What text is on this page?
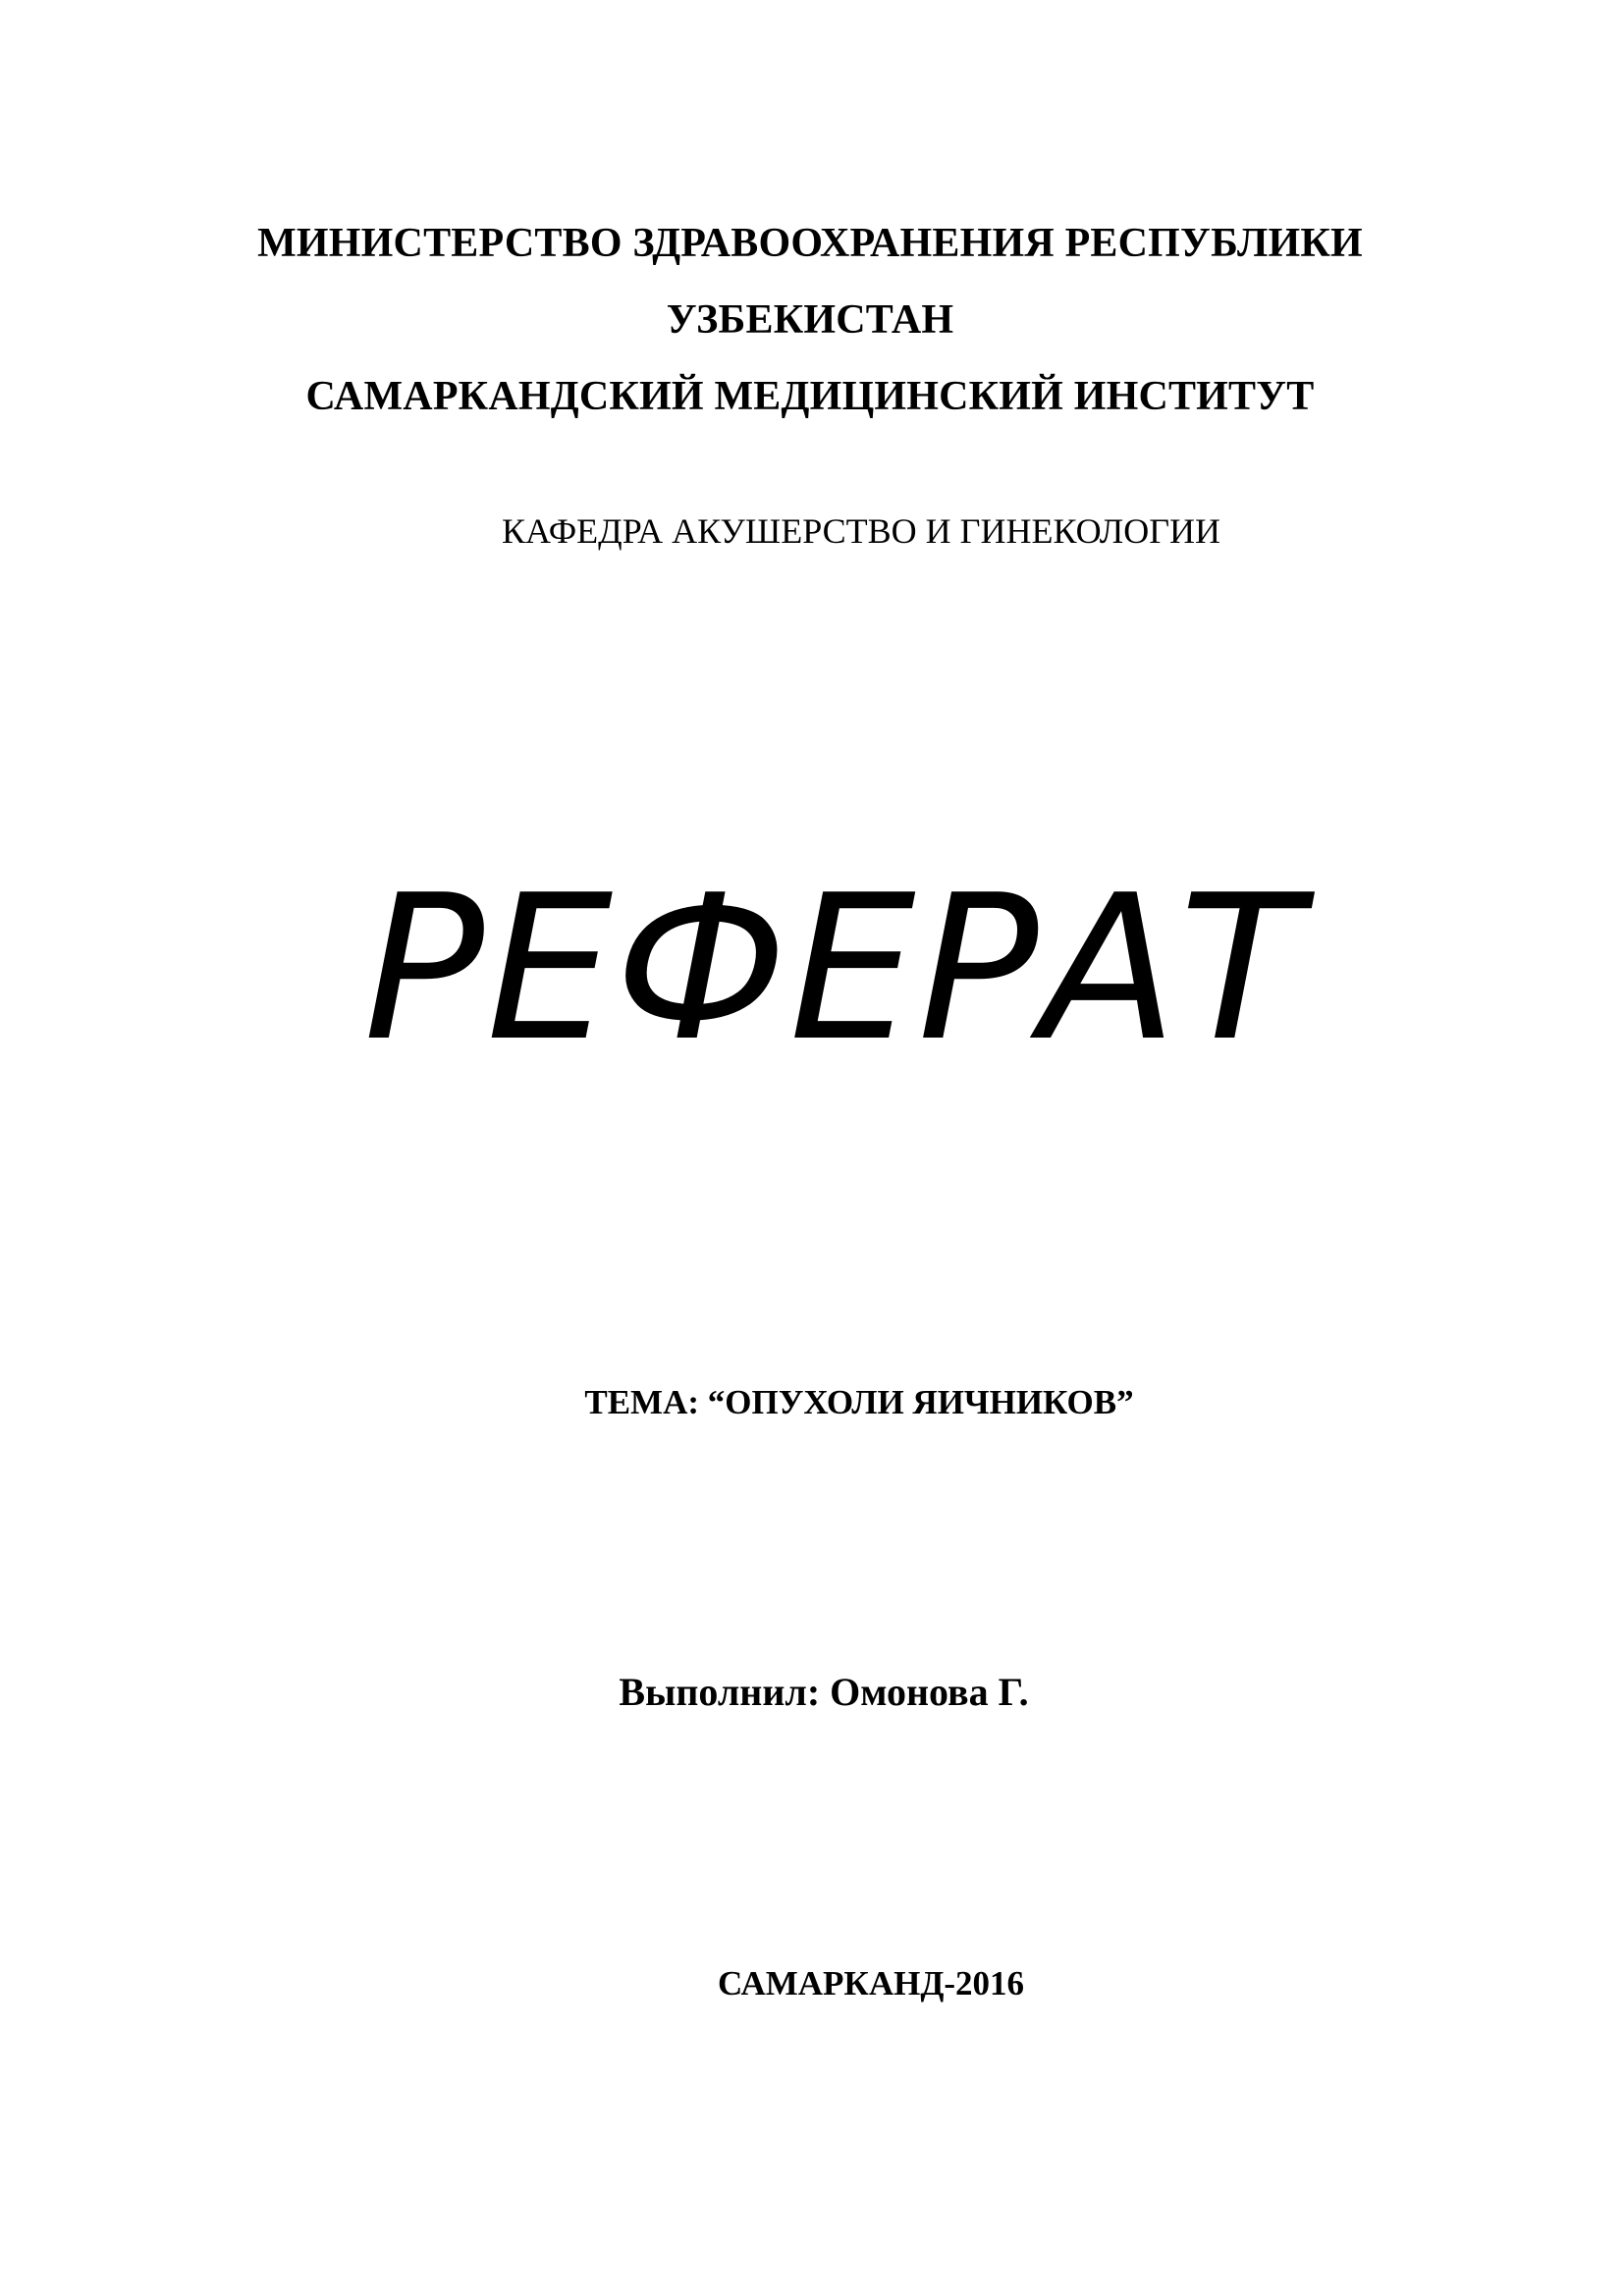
МИНИСТЕРСТВО ЗДРАВООХРАНЕНИЯ РЕСПУБЛИКИ

УЗБЕКИСТАН

САМАРКАНДСКИЙ МЕДИЦИНСКИЙ ИНСТИТУТ

КАФЕДРА АКУШЕРСТВО И ГИНЕКОЛОГИИ

РЕФЕРАТ

ТЕМА: “ОПУХОЛИ ЯИЧНИКОВ”

Выполнил: Омонова Г.

САМАРКАНД-2016
